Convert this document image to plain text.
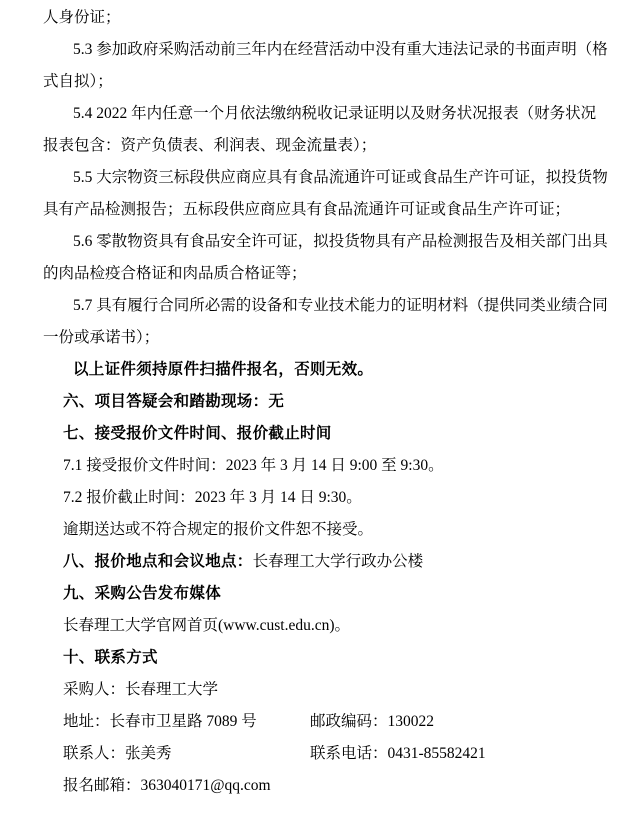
人身份证；
5.3 参加政府采购活动前三年内在经营活动中没有重大违法记录的书面声明（格
式自拟）；
5.4 2022 年内任意一个月依法缴纳税收记录证明以及财务状况报表（财务状况
报表包含：资产负债表、利润表、现金流量表）；
5.5 大宗物资三标段供应商应具有食品流通许可证或食品生产许可证，拟投货物
具有产品检测报告；五标段供应商应具有食品流通许可证或食品生产许可证；
5.6 零散物资具有食品安全许可证，拟投货物具有产品检测报告及相关部门出具
的肉品检疫合格证和肉品质合格证等；
5.7 具有履行合同所必需的设备和专业技术能力的证明材料（提供同类业绩合同
一份或承诺书）；
以上证件须持原件扫描件报名，否则无效。
六、项目答疑会和踏勘现场：无
七、接受报价文件时间、报价截止时间
7.1 接受报价文件时间：2023 年 3 月 14 日 9:00 至 9:30。
7.2 报价截止时间：2023 年 3 月 14 日 9:30。
逾期送达或不符合规定的报价文件恕不接受。
八、报价地点和会议地点：长春理工大学行政办公楼
九、采购公告发布媒体
长春理工大学官网首页(www.cust.edu.cn)。
十、联系方式
采购人：长春理工大学
地址：长春市卫星路 7089 号	邮政编码：130022
联系人：张美秀	联系电话：0431-85582421
报名邮箱：363040171@qq.com
